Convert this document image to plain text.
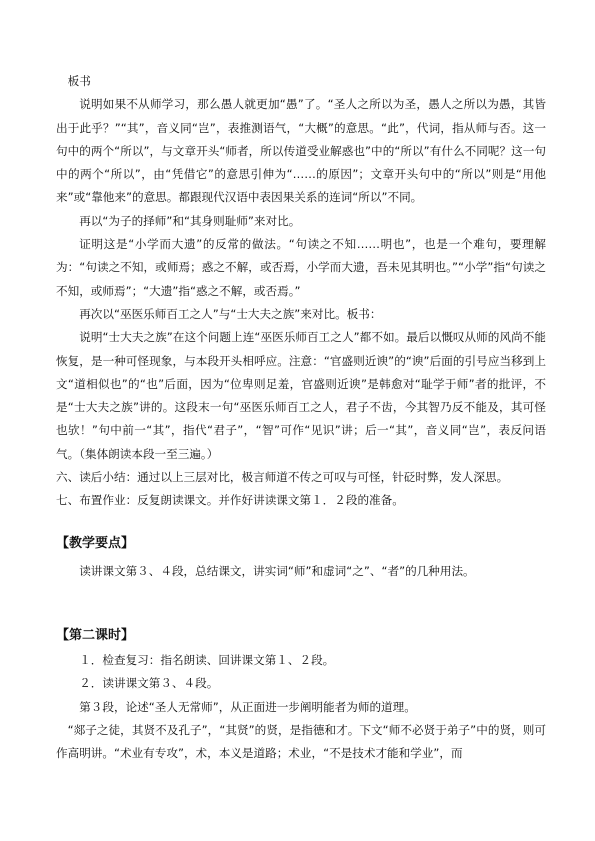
板书

说明如果不从师学习，那么愚人就更加“愚”了。“圣人之所以为圣，愚人之所以为愚，其皆出于此乎？”“其”，音义同“岂”，表推测语气，“大概”的意思。“此”，代词，指从师与否。这一句中的两个“所以”，与文章开头“师者，所以传道受业解惑也”中的“所以”有什么不同呢？这一句中的两个“所以”，由“凭借它”的意思引伸为“……的原因”；文章开头句中的“所以”则是“用他来”或“靠他来”的意思。都跟现代汉语中表因果关系的连词“所以”不同。

再以“为子的择师”和“其身则耻师”来对比。

证明这是“小学而大遗”的反常的做法。“句读之不知……明也”，也是一个难句，要理解为：“句读之不知，或师焉；惑之不解，或否焉，小学而大遗，吾未见其明也。”“小学”指“句读之不知，或师焉”；“大遗”指“惑之不解，或否焉。”

再次以“巫医乐师百工之人”与“士大夫之族”来对比。板书：

说明“士大夫之族”在这个问题上连“巫医乐师百工之人”都不如。最后以慨叹从师的风尚不能恢复，是一种可怪现象，与本段开头相呼应。注意：“官盛则近谀”的“谀”后面的引号应当移到上文“道相似也”的“也”后面，因为“位卑则足羞，官盛则近谀”是韩愈对“耻学于师”者的批评，不是“士大夫之族”讲的。这段末一句“巫医乐师百工之人，君子不齿，今其智乃反不能及，其可怪也欤！”句中前一“其”，指代“君子”，“智”可作“见识”讲；后一“其”，音义同“岂”，表反问语气。（集体朗读本段一至三遍。）

六、读后小结：通过以上三层对比，极言师道不传之可叹与可怪，针砭时弊，发人深思。

七、布置作业：反复朗读课文。并作好讲读课文第１．２段的准备。

【教学要点】

读讲课文第３、４段，总结课文，讲实词“师”和虚词“之”、“者”的几种用法。

【第二课时】

１．检查复习：指名朗读、回讲课文第１、２段。

２．读讲课文第３、４段。

第３段，论述“圣人无常师”，从正面进一步阐明能者为师的道理。

“郯子之徒，其贤不及孔子”，“其贤”的贤，是指德和才。下文“师不必贤于弟子”中的贤，则可作高明讲。“术业有专攻”，术，本义是道路；术业，“不是技术才能和学业”，而
